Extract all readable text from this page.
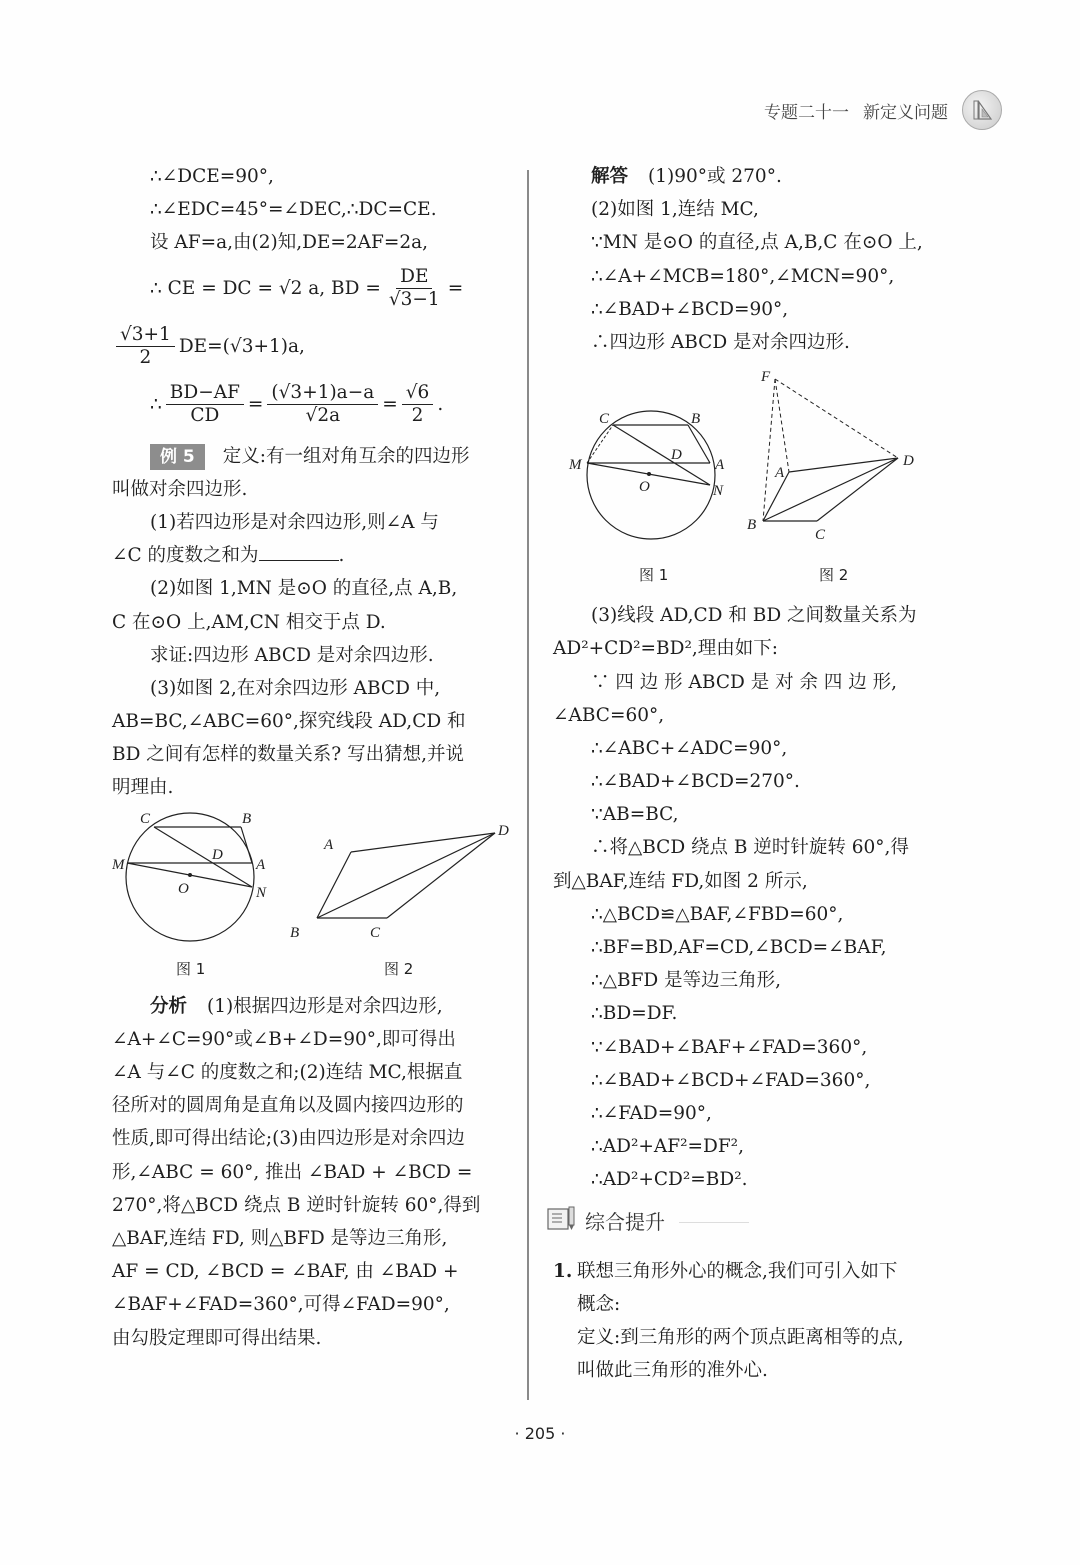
专题二十一 新定义问题
∴∠DCE=90°,
∴∠EDC=45°=∠DEC,∴DC=CE.
设 AF=a,由(2)知,DE=2AF=2a,
∴ CE = DC = √2 a, BD = $\frac{DE}{√3-1}$ =
$\frac{√3+1}{2} DE=(√3+1)a$,
∴ $\frac{BD-AF}{CD} = \frac{(√3+1)a-a}{√2a} = \frac{√6}{2}$ .
例 5 定义:有一组对角互余的四边形
叫做对余四边形.
(1)若四边形是对余四边形,则∠A 与
∠C 的度数之和为	.
(2)如图 1,MN 是⊙O 的直径,点 A,B,
C 在⊙O 上,AM,CN 相交于点 D.
求证:四边形 ABCD 是对余四边形.
(3)如图 2,在对余四边形 ABCD 中,
AB=BC,∠ABC=60°,探究线段 AD,CD 和
BD 之间有怎样的数量关系? 写出猜想,并说
明理由.
C	B
D
M	A
O	N
A
D
B	C
图 1	图 2
分析 (1)根据四边形是对余四边形,
∠A+∠C=90°或∠B+∠D=90°,即可得出
∠A 与∠C 的度数之和;(2)连结 MC,根据直
径所对的圆周角是直角以及圆内接四边形的
性质,即可得出结论;(3)由四边形是对余四边
形,∠ABC = 60°, 推出 ∠BAD + ∠BCD =
270°,将△BCD 绕点 B 逆时针旋转 60°,得到
△BAF,连结 FD, 则△BFD 是等边三角形,
AF = CD, ∠BCD = ∠BAF, 由 ∠BAD +
∠BAF+∠FAD=360°,可得∠FAD=90°,
由勾股定理即可得出结果.
解答 (1)90°或 270°.
(2)如图 1,连结 MC,
∵MN 是⊙O 的直径,点 A,B,C 在⊙O 上,
∴∠A+∠MCB=180°,∠MCN=90°,
∴∠BAD+∠BCD=90°,
∴四边形 ABCD 是对余四边形.
C	B
D
M	A
O	N
F
A
D
B
C
图 1	图 2
(3)线段 AD,CD 和 BD 之间数量关系为
AD²+CD²=BD²,理由如下:
∵ 四 边 形 ABCD 是 对 余 四 边 形,
∠ABC=60°,
∴∠ABC+∠ADC=90°,
∴∠BAD+∠BCD=270°.
∵AB=BC,
∴将△BCD 绕点 B 逆时针旋转 60°,得
到△BAF,连结 FD,如图 2 所示,
∴△BCD≌△BAF,∠FBD=60°,
∴BF=BD,AF=CD,∠BCD=∠BAF,
∴△BFD 是等边三角形,
∴BD=DF.
∵∠BAD+∠BAF+∠FAD=360°,
∴∠BAD+∠BCD+∠FAD=360°,
∴∠FAD=90°,
∴AD²+AF²=DF²,
∴AD²+CD²=BD².
综合提升
1. 联想三角形外心的概念,我们可引入如下
概念:
定义:到三角形的两个顶点距离相等的点,
叫做此三角形的准外心.
· 205 ·
